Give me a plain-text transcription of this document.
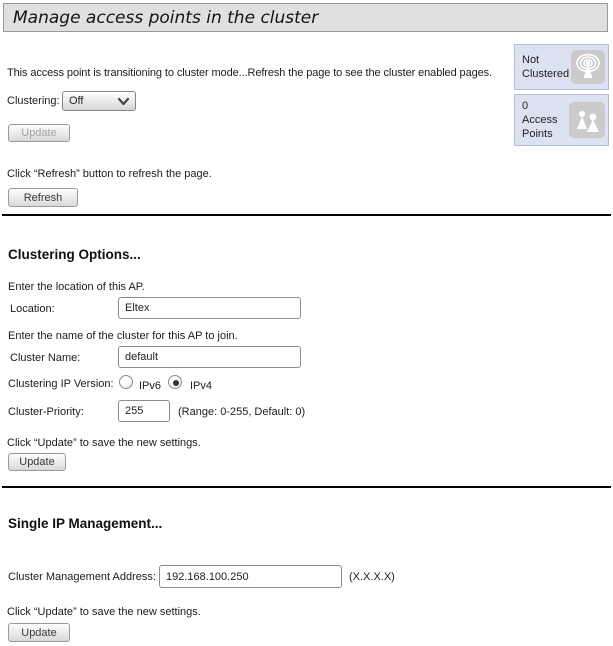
Manage access points in the cluster
This access point is transitioning to cluster mode...Refresh the page to see the cluster enabled pages.
Clustering: Off
Update
Click “Refresh” button to refresh the page.
Refresh
Not Clustered
0
Access Points
Clustering Options...
Enter the location of this AP.
Location:
Eltex
Enter the name of the cluster for this AP to join.
Cluster Name:
default
Clustering IP Version: IPv6	IPv4
Cluster-Priority:
255	(Range: 0-255, Default: 0)
Click “Update” to save the new settings.
Update
Single IP Management...
Cluster Management Address:
192.168.100.250	(X.X.X.X)
Click “Update” to save the new settings.
Update
